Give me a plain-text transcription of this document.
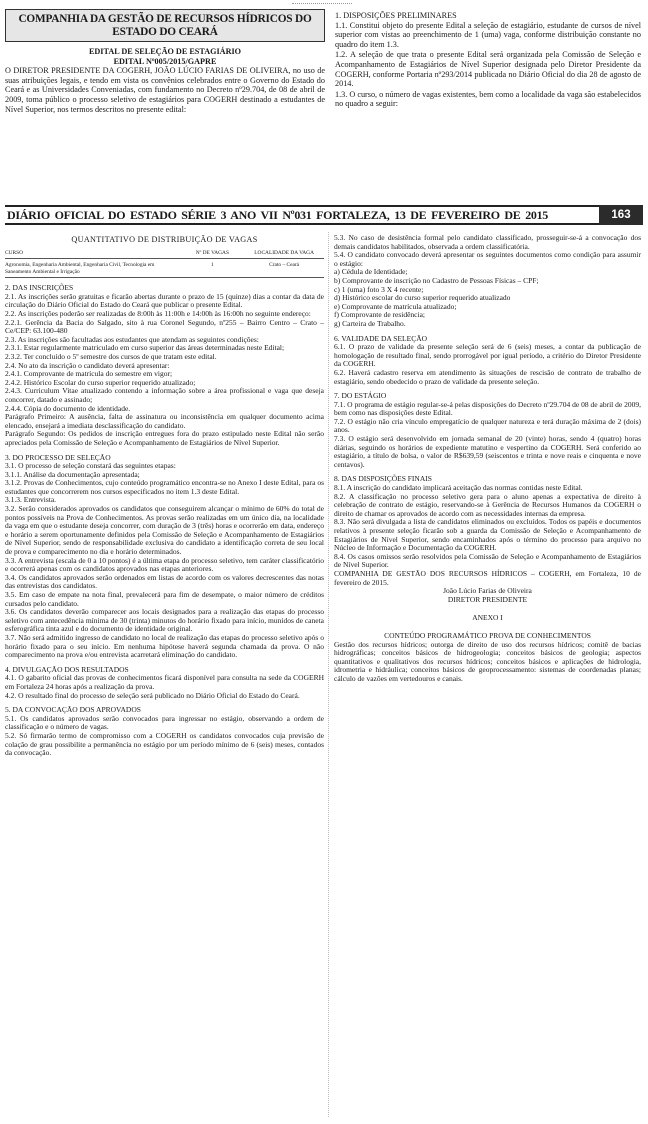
COMPANHIA DA GESTÃO DE RECURSOS HÍDRICOS DO ESTADO DO CEARÁ
EDITAL DE SELEÇÃO DE ESTAGIÁRIO
EDITAL Nº005/2015/GAPRE
O DIRETOR PRESIDENTE DA COGERH, JOÃO LÚCIO FARIAS DE OLIVEIRA, no uso de suas atribuições legais, e tendo em vista os convênios celebrados entre o Governo do Estado do Ceará e as Universidades Conveniadas, com fundamento no Decreto nº29.704, de 08 de abril de 2009, toma público o processo seletivo de estagiários para COGERH destinado a estudantes de Nível Superior, nos termos descritos no presente edital:
1. DISPOSIÇÕES PRELIMINARES
1.1. Constitui objeto do presente Edital a seleção de estagiário, estudante de cursos de nível superior com vistas ao preenchimento de 1 (uma) vaga, conforme distribuição constante no quadro do item 1.3.
1.2. A seleção de que trata o presente Edital será organizada pela Comissão de Seleção e Acompanhamento de Estagiários de Nível Superior designada pelo Diretor Presidente da COGERH, conforme Portaria nº293/2014 publicada no Diário Oficial do dia 28 de agosto de 2014.
1.3. O curso, o número de vagas existentes, bem como a localidade da vaga são estabelecidos no quadro a seguir:
DIÁRIO OFICIAL DO ESTADO SÉRIE 3 ANO VII Nº031 FORTALEZA, 13 DE FEVEREIRO DE 2015	163
QUANTITATIVO DE DISTRIBUIÇÃO DE VAGAS
CURSO	Nº DE VAGAS	LOCALIDADE DA VAGA
Agronomia, Engenharia Ambiental, Engenharia Civil, Tecnologia em Saneamento Ambiental e Irrigação	1	Crato – Ceará
2. DAS INSCRIÇÕES
2.1. As inscrições serão gratuitas e ficarão abertas durante o prazo de 15 (quinze) dias a contar da data de circulação do Diário Oficial do Estado do Ceará que publicar o presente Edital.
2.2. As inscrições poderão ser realizadas de 8:00h às 11:00h e 14:00h às 16:00h no seguinte endereço:
2.2.1. Gerência da Bacia do Salgado, sito à rua Coronel Segundo, nº255 – Bairro Centro – Crato – Ce/CEP: 63.100-480
2.3. As inscrições são facultadas aos estudantes que atendam as seguintes condições:
2.3.1. Estar regularmente matriculado em curso superior das áreas determinadas neste Edital;
2.3.2. Ter concluído o 5º semestre dos cursos de que tratam este edital.
2.4. No ato da inscrição o candidato deverá apresentar:
2.4.1. Comprovante de matrícula do semestre em vigor;
2.4.2. Histórico Escolar do curso superior requerido atualizado;
2.4.3. Curriculum Vitae atualizado contendo a informação sobre a área profissional e vaga que deseja concorrer, datado e assinado;
2.4.4. Cópia do documento de identidade.
Parágrafo Primeiro: A ausência, falta de assinatura ou inconsistência em qualquer documento acima elencado, ensejará a imediata desclassificação do candidato.
Parágrafo Segundo: Os pedidos de inscrição entregues fora do prazo estipulado neste Edital não serão apreciados pela Comissão de Seleção e Acompanhamento de Estagiários de Nível Superior.
3. DO PROCESSO DE SELEÇÃO
3.1. O processo de seleção constará das seguintes etapas:
3.1.1. Análise da documentação apresentada;
3.1.2. Provas de Conhecimentos, cujo conteúdo programático encontra-se no Anexo I deste Edital, para os estudantes que concorrerem nos cursos especificados no item 1.3 deste Edital.
3.1.3. Entrevista.
3.2. Serão considerados aprovados os candidatos que conseguirem alcançar o mínimo de 60% do total de pontos possíveis na Prova de Conhecimentos. As provas serão realizadas em um único dia, na localidade da vaga em que o estudante deseja concorrer, com duração de 3 (três) horas e ocorrerão em data, endereço e horário a serem oportunamente definidos pela Comissão de Seleção e Acompanhamento de Estagiários de Nível Superior, sendo de responsabilidade exclusiva do candidato a identificação correta de seu local de prova e comparecimento no dia e horário determinados.
3.3. A entrevista (escala de 0 a 10 pontos) é a última etapa do processo seletivo, tem caráter classificatório e ocorrerá apenas com os candidatos aprovados nas etapas anteriores.
3.4. Os candidatos aprovados serão ordenados em listas de acordo com os valores decrescentes das notas das entrevistas dos candidatos.
3.5. Em caso de empate na nota final, prevalecerá para fim de desempate, o maior número de créditos cursados pelo candidato.
3.6. Os candidatos deverão comparecer aos locais designados para a realização das etapas do processo seletivo com antecedência mínima de 30 (trinta) minutos do horário fixado para início, munidos de caneta esferográfica tinta azul e do documento de identidade original.
3.7. Não será admitido ingresso de candidato no local de realização das etapas do processo seletivo após o horário fixado para o seu início. Em nenhuma hipótese haverá segunda chamada da prova. O não comparecimento na prova e/ou entrevista acarretará eliminação do candidato.
4. DIVULGAÇÃO DOS RESULTADOS
4.1. O gabarito oficial das provas de conhecimentos ficará disponível para consulta na sede da COGERH em Fortaleza 24 horas após a realização da prova.
4.2. O resultado final do processo de seleção será publicado no Diário Oficial do Estado do Ceará.
5. DA CONVOCAÇÃO DOS APROVADOS
5.1. Os candidatos aprovados serão convocados para ingressar no estágio, observando a ordem de classificação e o número de vagas.
5.2. Só firmarão termo de compromisso com a COGERH os candidatos convocados cuja previsão de colação de grau possibilite a permanência no estágio por um período mínimo de 6 (seis) meses, contados da convocação.
5.3. No caso de desistência formal pelo candidato classificado, prosseguir-se-á a convocação dos demais candidatos habilitados, observada a ordem classificatória.
5.4. O candidato convocado deverá apresentar os seguintes documentos como condição para assumir o estágio:
a) Cédula de Identidade;
b) Comprovante de inscrição no Cadastro de Pessoas Físicas – CPF;
c) 1 (uma) foto 3 X 4 recente;
d) Histórico escolar do curso superior requerido atualizado
e) Comprovante de matrícula atualizado;
f) Comprovante de residência;
g) Carteira de Trabalho.
6. VALIDADE DA SELEÇÃO
6.1. O prazo de validade da presente seleção será de 6 (seis) meses, a contar da publicação de homologação de resultado final, sendo prorrogável por igual período, a critério do Diretor Presidente da COGERH.
6.2. Haverá cadastro reserva em atendimento às situações de rescisão de contrato de trabalho de estagiário, sendo obedecido o prazo de validade da presente seleção.
7. DO ESTÁGIO
7.1. O programa de estágio regular-se-á pelas disposições do Decreto nº29.704 de 08 de abril de 2009, bem como nas disposições deste Edital.
7.2. O estágio não cria vínculo empregatício de qualquer natureza e terá duração máxima de 2 (dois) anos.
7.3. O estágio será desenvolvido em jornada semanal de 20 (vinte) horas, sendo 4 (quatro) horas diárias, seguindo os horários de expediente matutino e vespertino da COGERH. Será conferido ao estagiário, a título de bolsa, o valor de R$639,59 (seiscentos e trinta e nove reais e cinquenta e nove centavos).
8. DAS DISPOSIÇÕES FINAIS
8.1. A inscrição do candidato implicará aceitação das normas contidas neste Edital.
8.2. A classificação no processo seletivo gera para o aluno apenas a expectativa de direito à celebração de contrato de estágio, reservando-se à Gerência de Recursos Humanos da COGERH o direito de chamar os aprovados de acordo com as necessidades internas da empresa.
8.3. Não será divulgada a lista de candidatos eliminados ou excluídos. Todos os papéis e documentos relativos à presente seleção ficarão sob a guarda da Comissão de Seleção e Acompanhamento de Estagiários de Nível Superior, sendo encaminhados após o término do processo para arquivo no Núcleo de Informação e Documentação da COGERH.
8.4. Os casos omissos serão resolvidos pela Comissão de Seleção e Acompanhamento de Estagiários de Nível Superior.
COMPANHIA DE GESTÃO DOS RECURSOS HÍDRICOS – COGERH, em Fortaleza, 10 de fevereiro de 2015.
João Lúcio Farias de Oliveira
DIRETOR PRESIDENTE
ANEXO I
CONTEÚDO PROGRAMÁTICO PROVA DE CONHECIMENTOS
Gestão dos recursos hídricos; outorga de direito de uso dos recursos hídricos; comitê de bacias hidrográficas; conceitos básicos de hidrogeologia; conceitos básicos de geologia; aspectos quantitativos e qualitativos dos recursos hídricos; conceitos básicos e aplicações de hidrologia, idrometria e hidráulica; conceitos básicos de geoprocessamento: sistemas de coordenadas planas; cálculo de vazões em vertedouros e canais.
